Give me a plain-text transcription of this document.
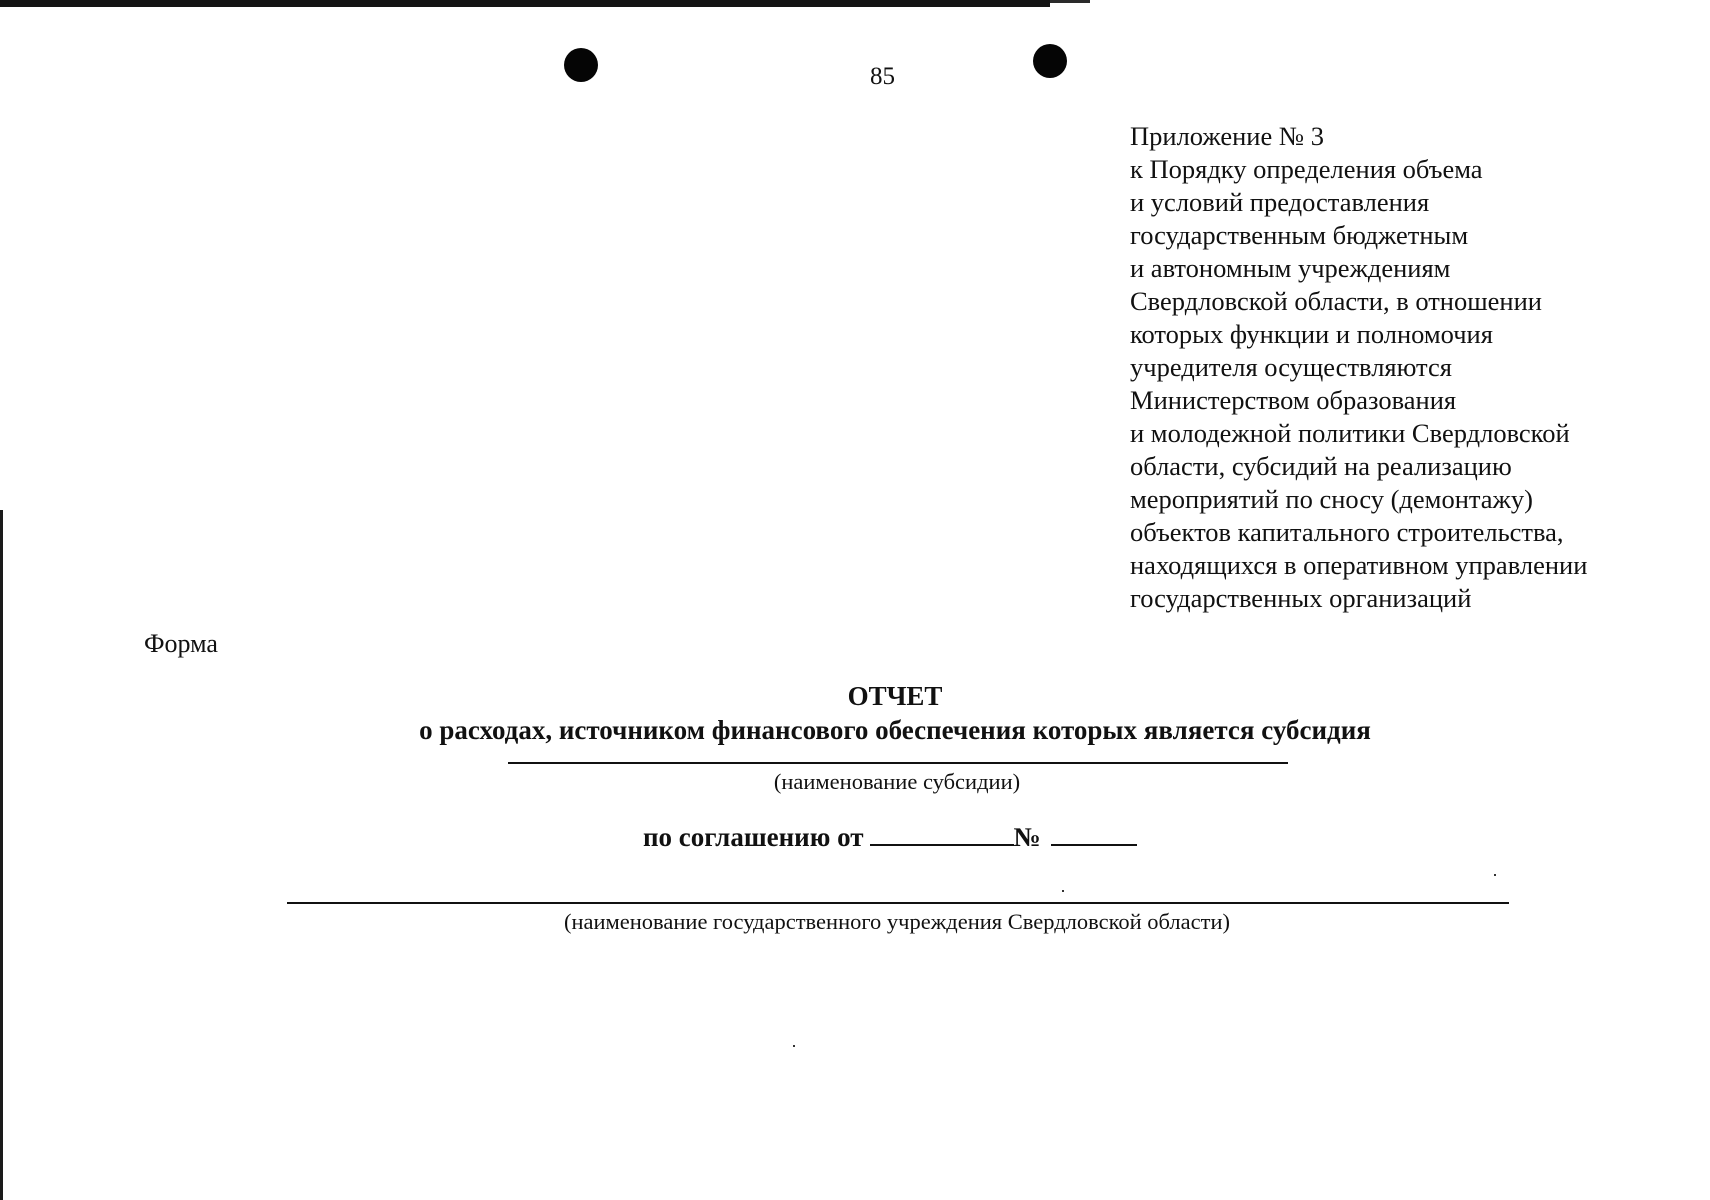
85
Приложение № 3
к Порядку определения объема
и условий предоставления
государственным бюджетным
и автономным учреждениям
Свердловской области, в отношении
которых функции и полномочия
учредителя осуществляются
Министерством образования
и молодежной политики Свердловской
области, субсидий на реализацию
мероприятий по сносу (демонтажу)
объектов капитального строительства,
находящихся в оперативном управлении
государственных организаций
Форма
ОТЧЕТ
о расходах, источником финансового обеспечения которых является субсидия
(наименование субсидии)
по соглашению от	№
(наименование государственного учреждения Свердловской области)
